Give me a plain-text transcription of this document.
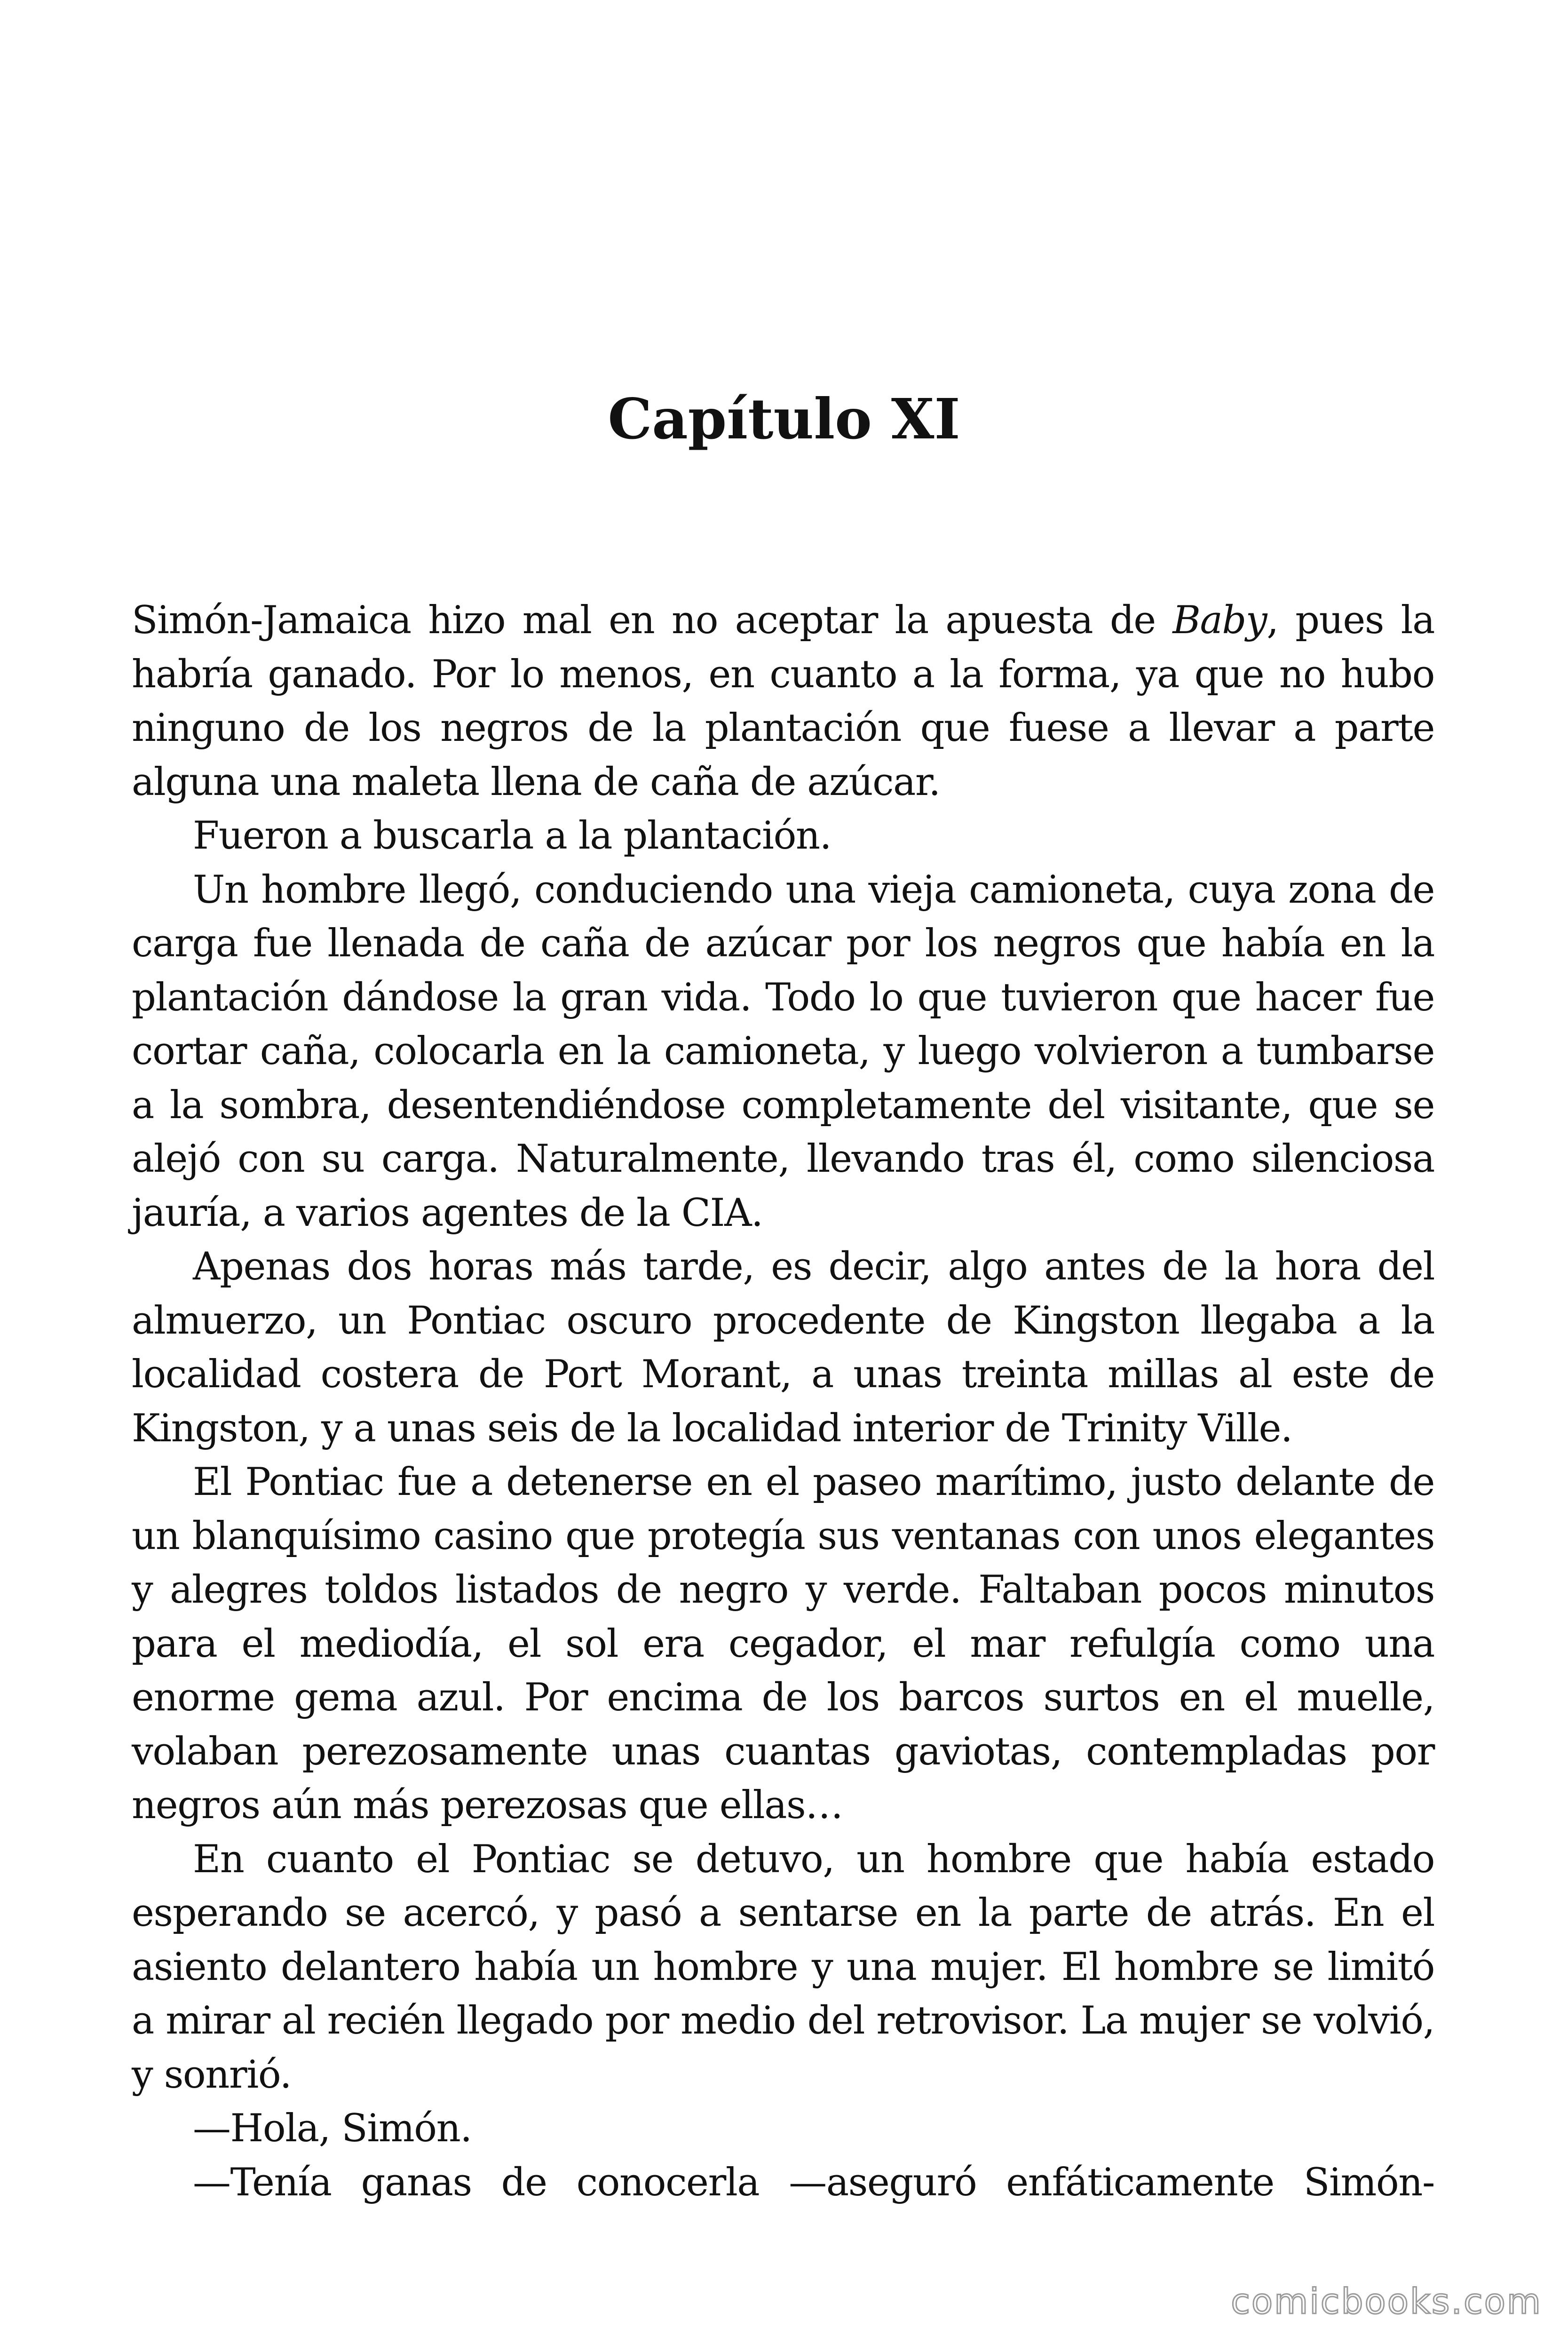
Capítulo XI

Simón-Jamaica hizo mal en no aceptar la apuesta de Baby, pues la habría ganado. Por lo menos, en cuanto a la forma, ya que no hubo ninguno de los negros de la plantación que fuese a llevar a parte alguna una maleta llena de caña de azúcar.

Fueron a buscarla a la plantación.

Un hombre llegó, conduciendo una vieja camioneta, cuya zona de carga fue llenada de caña de azúcar por los negros que había en la plantación dándose la gran vida. Todo lo que tuvieron que hacer fue cortar caña, colocarla en la camioneta, y luego volvieron a tumbarse a la sombra, desentendiéndose completamente del visitante, que se alejó con su carga. Naturalmente, llevando tras él, como silenciosa jauría, a varios agentes de la CIA.

Apenas dos horas más tarde, es decir, algo antes de la hora del almuerzo, un Pontiac oscuro procedente de Kingston llegaba a la localidad costera de Port Morant, a unas treinta millas al este de Kingston, y a unas seis de la localidad interior de Trinity Ville.

El Pontiac fue a detenerse en el paseo marítimo, justo delante de un blanquísimo casino que protegía sus ventanas con unos elegantes y alegres toldos listados de negro y verde. Faltaban pocos minutos para el mediodía, el sol era cegador, el mar refulgía como una enorme gema azul. Por encima de los barcos surtos en el muelle, volaban perezosamente unas cuantas gaviotas, contempladas por negros aún más perezosas que ellas…

En cuanto el Pontiac se detuvo, un hombre que había estado esperando se acercó, y pasó a sentarse en la parte de atrás. En el asiento delantero había un hombre y una mujer. El hombre se limitó a mirar al recién llegado por medio del retrovisor. La mujer se volvió, y sonrió.

—Hola, Simón.

—Tenía ganas de conocerla —aseguró enfáticamente Simón-

comicbooks.com
